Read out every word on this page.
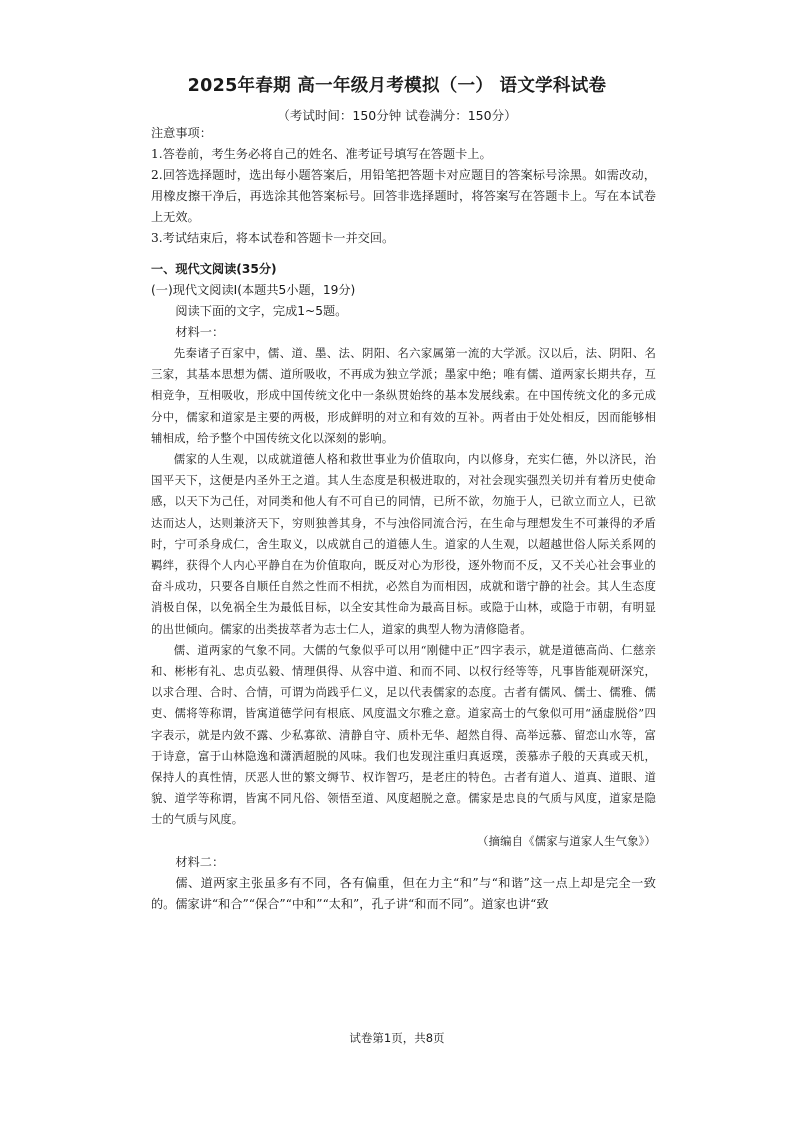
2025年春期 高一年级月考模拟（一） 语文学科试卷
（考试时间：150分钟 试卷满分：150分）

注意事项：

1.答卷前，考生务必将自己的姓名、准考证号填写在答题卡上。

2.回答选择题时，选出每小题答案后，用铅笔把答题卡对应题目的答案标号涂黑。如需改动，用橡皮擦干净后，再选涂其他答案标号。回答非选择题时，将答案写在答题卡上。写在本试卷上无效。

3.考试结束后，将本试卷和答题卡一并交回。

一、现代文阅读(35分)

(一)现代文阅读Ⅰ(本题共5小题，19分)

阅读下面的文字，完成1~5题。

材料一：

先秦诸子百家中，儒、道、墨、法、阴阳、名六家属第一流的大学派。汉以后，法、阴阳、名三家，其基本思想为儒、道所吸收，不再成为独立学派；墨家中绝；唯有儒、道两家长期共存，互相竞争，互相吸收，形成中国传统文化中一条纵贯始终的基本发展线索。在中国传统文化的多元成分中，儒家和道家是主要的两极，形成鲜明的对立和有效的互补。两者由于处处相反，因而能够相辅相成，给予整个中国传统文化以深刻的影响。

儒家的人生观，以成就道德人格和救世事业为价值取向，内以修身，充实仁德，外以济民，治国平天下，这便是内圣外王之道。其人生态度是积极进取的，对社会现实强烈关切并有着历史使命感，以天下为己任，对同类和他人有不可自已的同情，已所不欲，勿施于人，已欲立而立人，已欲达而达人，达则兼济天下，穷则独善其身，不与浊俗同流合污，在生命与理想发生不可兼得的矛盾时，宁可杀身成仁，舍生取义，以成就自己的道德人生。道家的人生观，以超越世俗人际关系网的羁绊，获得个人内心平静自在为价值取向，既反对心为形役，逐外物而不反，又不关心社会事业的奋斗成功，只要各自顺任自然之性而不相扰，必然自为而相因，成就和谐宁静的社会。其人生态度消极自保，以免祸全生为最低目标，以全安其性命为最高目标。或隐于山林，或隐于市朝，有明显的出世倾向。儒家的出类拔萃者为志士仁人，道家的典型人物为清修隐者。

儒、道两家的气象不同。大儒的气象似乎可以用“刚健中正”四字表示，就是道德高尚、仁慈亲和、彬彬有礼、忠贞弘毅、情理俱得、从容中道、和而不同、以权行经等等，凡事皆能观研深究，以求合理、合时、合情，可谓为尚践乎仁义，足以代表儒家的态度。古者有儒风、儒士、儒雅、儒吏、儒将等称谓，皆寓道德学问有根底、风度温文尔雅之意。道家高士的气象似可用“涵虚脱俗”四字表示，就是内敛不露、少私寡欲、清静自守、质朴无华、超然自得、高举远慕、留恋山水等，富于诗意，富于山林隐逸和潇洒超脱的风味。我们也发现注重归真返璞，羡慕赤子般的天真或天机，保持人的真性情，厌恶人世的繁文缛节、权诈智巧，是老庄的特色。古者有道人、道真、道眼、道貌、道学等称谓，皆寓不同凡俗、领悟至道、风度超脱之意。儒家是忠良的气质与风度，道家是隐士的气质与风度。

（摘编自《儒家与道家人生气象》）

材料二：

儒、道两家主张虽多有不同，各有偏重，但在力主“和”与“和谐”这一点上却是完全一致的。儒家讲“和合”“保合”“中和”“太和”，孔子讲“和而不同”。道家也讲“致

试卷第1页，共8页
